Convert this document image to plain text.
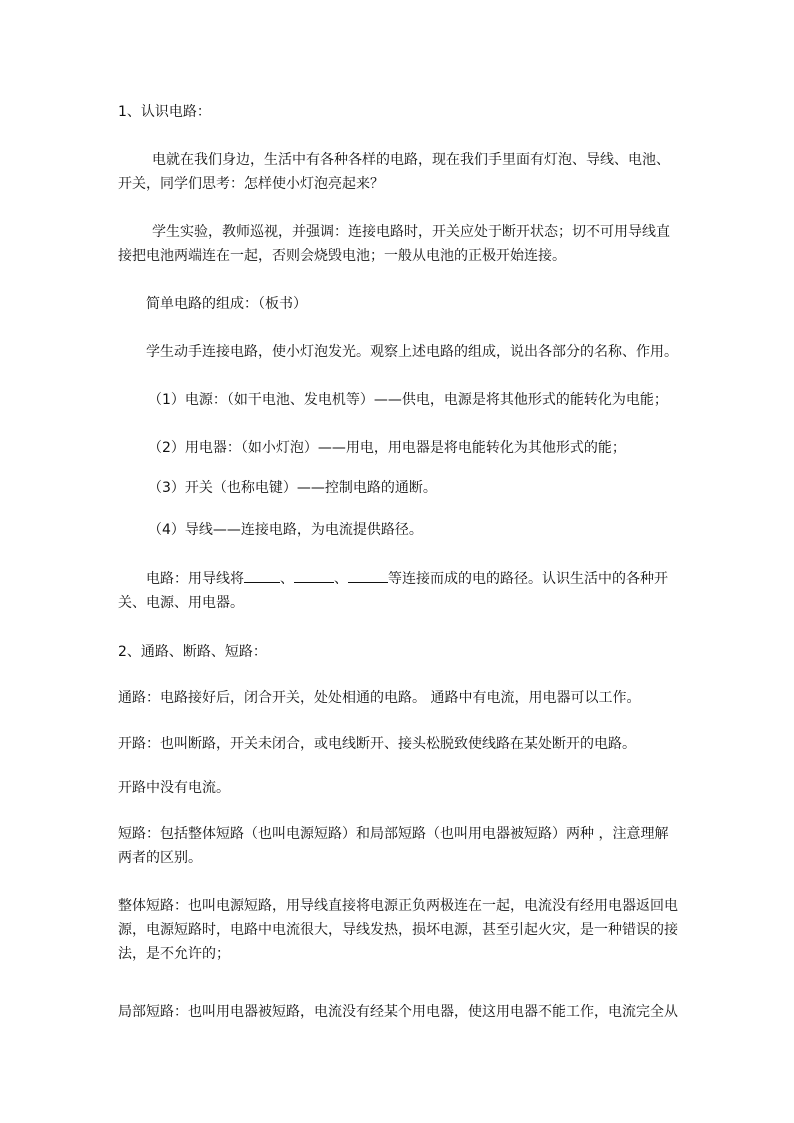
1、认识电路：

电就在我们身边，生活中有各种各样的电路，现在我们手里面有灯泡、导线、电池、开关，同学们思考：怎样使小灯泡亮起来？

学生实验，教师巡视，并强调：连接电路时，开关应处于断开状态；切不可用导线直接把电池两端连在一起，否则会烧毁电池；一般从电池的正极开始连接。

简单电路的组成：（板书）

学生动手连接电路，使小灯泡发光。观察上述电路的组成，说出各部分的名称、作用。

（1）电源：（如干电池、发电机等）——供电，电源是将其他形式的能转化为电能；

（2）用电器：（如小灯泡）——用电，用电器是将电能转化为其他形式的能；

（3）开关（也称电键）——控制电路的通断。

（4）导线——连接电路，为电流提供路径。

电路：用导线将	、	、	等连接而成的电的路径。认识生活中的各种开关、电源、用电器。

2、通路、断路、短路：

通路：电路接好后，闭合开关，处处相通的电路。 通路中有电流，用电器可以工作。

开路：也叫断路，开关未闭合，或电线断开、接头松脱致使线路在某处断开的电路。

开路中没有电流。

短路：包括整体短路（也叫电源短路）和局部短路（也叫用电器被短路）两种 ，注意理解两者的区别。

整体短路：也叫电源短路，用导线直接将电源正负两极连在一起，电流没有经用电器返回电源，电源短路时，电路中电流很大，导线发热，损坏电源，甚至引起火灾，是一种错误的接法，是不允许的；

局部短路：也叫用电器被短路，电流没有经某个用电器，使这用电器不能工作，电流完全从
